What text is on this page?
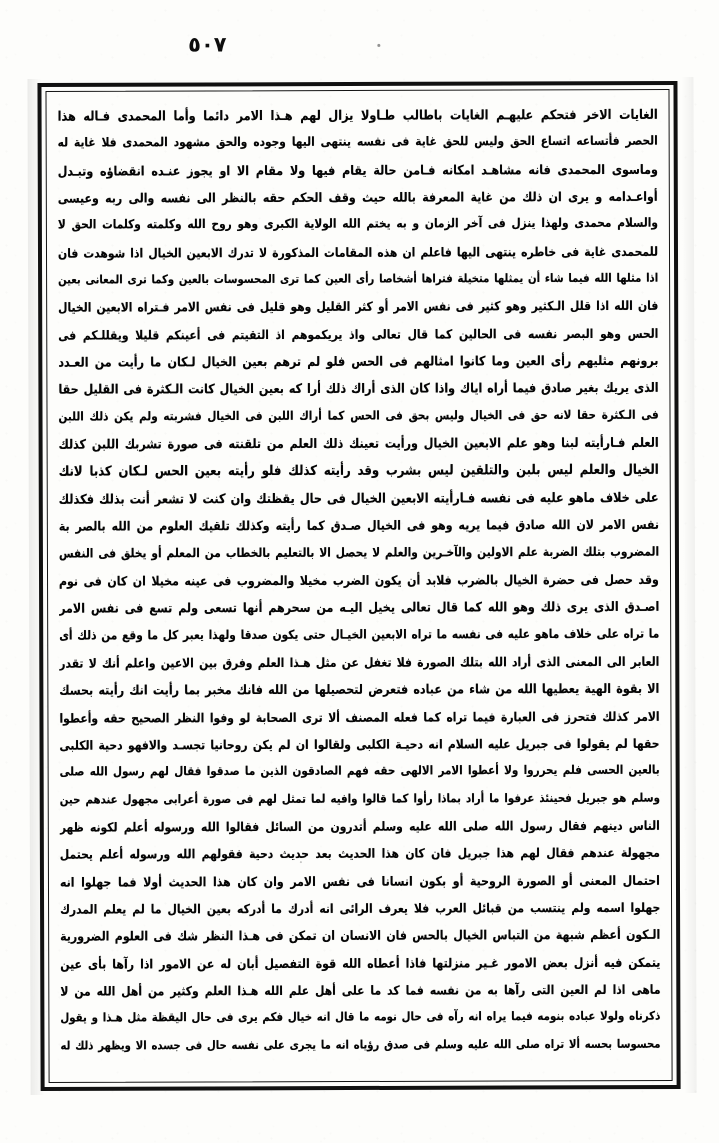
٥٠٧
الغايات الاخر فتحكم عليهـم الغايات باطالب طـاولا يزال لهم هـذا الامر دائما وأما المحمدى فـاله هذا
الحصر فأتساعه اتساع الحق وليس للحق غاية فى نفسه ينتهى اليها وجوده والحق مشهود المحمدى فلا غاية له
وماسوى المحمدى فانه مشاهـد امكانه فـامن حالة يقام فيها ولا مقام الا او يجوز عنـده انقضاؤه وتبـدل
أواعـدامه و يرى ان ذلك من غاية المعرفة بالله حيث وقف الحكم حقه بالنظر الى نفسه والى ربه وعيسى
والسلام محمدى ولهذا ينزل فى آخر الزمان و به يختم الله الولاية الكبرى وهو روح الله وكلمته وكلمات الحق لا
للمحمدى غاية فى خاطره ينتهى اليها فاعلم ان هذه المقامات المذكورة لا تدرك الابعين الخيال اذا شوهدت فان
اذا مثلها الله فيما شاء أن يمثلها متخيلة فتراها أشخاصا رأى العين كما ترى المحسوسات بالعين وكما ترى المعانى بعين
فان الله اذا قلل الـكثير وهو كثير فى نفس الامر أو كثر القليل وهو قليل فى نفس الامر فـتراه الابعين الخيال
الحس وهو البصر نفسه فى الحالين كما قال تعالى واذ يريكموهم اذ التقيتم فى أعينكم قليلا ويقللـكم فى
برونهم مثليهم رأى العين وما كانوا امثالهم فى الحس فلو لم ترهم بعين الخيال لـكان ما رأيت من العـدد
الذى يريك بغير صادق فيما أراه اياك واذا كان الذى أراك ذلك أرا كه بعين الخيال كانت الـكثرة فى القليل حقا
فى الـكثرة حقا لانه حق فى الخيال وليس بحق فى الحس كما أراك اللبن فى الخيال فشربته ولم يكن ذلك اللبن
العلم فـارأيته لبنا وهو علم الابعين الخيال ورأيت تعينك ذلك العلم من تلقنته فى صورة تشربك اللبن كذلك
الخيال والعلم ليس بلبن والتلقين ليس بشرب وقد رأيته كذلك فلو رأيته بعين الحس لـكان كذبا لانك
على خلاف ماهو عليه فى نفسه فـارأيته الابعين الخيال فى حال يقظتك وان كنت لا تشعر أنت بذلك فكذلك
نفس الامر لان الله صادق فيما يريه وهو فى الخيال صـدق كما رأيته وكذلك تلقيك العلوم من الله بالصر بة
المضروب بتلك الضربة علم الاولين والآخـرين والعلم لا يحصل الا بالتعليم بالخطاب من المعلم أو يخلق فى النفس
وقد حصل فى حضرة الخيال بالضرب فلابد أن يكون الضرب مخيلا والمضروب فى عينه مخيلا ان كان فى نوم
اصـدق الذى يرى ذلك وهو الله كما قال تعالى يخيل اليـه من سحرهم أنها تسعى ولم تسع فى نفس الامر
ما تراه على خلاف ماهو عليه فى نفسه ما تراه الابعين الخيـال حتى يكون صدقا ولهذا يعبر كل ما وقع من ذلك أى
العابر الى المعنى الذى أراد الله بتلك الصورة فلا تغفل عن مثل هـذا العلم وفرق بين الاعين واعلم أنك لا تقدر
الا بقوة الهية يعطيها الله من شاء من عباده فتعرض لتحصيلها من الله فانك مخبر بما رأيت انك رأيته بحسك
الامر كذلك فتحرز فى العبارة فيما تراه كما فعله المصنف ألا ترى الصحابة لو وفوا النظر الصحيح حقه وأعطوا
حقها لم يقولوا فى جبريل عليه السلام انه دحيـة الكلبى ولقالوا ان لم يكن روحانيا تجسـد والافهو دحية الكلبى
بالعين الحسى فلم يحرروا ولا أعطوا الامر الالهى حقه فهم الصادقون الذين ما صدقوا فقال لهم رسول الله صلى
وسلم هو جبريل فحينئذ عرفوا ما أراد بماذا رأوا كما قالوا وافيه لما تمثل لهم فى صورة أعرابى مجهول عندهم حين
الناس دينهم فقال رسول الله صلى الله عليه وسلم أتدرون من السائل فقالوا الله ورسوله أعلم لكونه ظهر
مجهولة عندهم فقال لهم هذا جبريل فان كان هذا الحديث بعد حديث دحية فقولهم الله ورسوله أعلم يحتمل
احتمال المعنى أو الصورة الروحية أو بكون انسانا فى نفس الامر وان كان هذا الحديث أولا فما جهلوا انه
جهلوا اسمه ولم ينتسب من قبائل العرب فلا يعرف الرائى انه أدرك ما أدركه بعين الخيال ما لم يعلم المدرك
الـكون أعظم شبهة من التباس الخيال بالحس فان الانسان ان تمكن فى هـذا النظر شك فى العلوم الضرورية
يتمكن فيه أنزل بعض الامور غـير منزلتها فاذا أعطاه الله قوة التفصيل أبان له عن الامور اذا رآها بأى عين
ماهى اذا لم العين التى رآها به من نفسه فما كد ما على أهل علم الله هـذا العلم وكثير من أهل الله من لا
ذكرناه ولولا عباده بنومه فيما يراه انه رآه فى حال نومه ما قال انه خيال فكم يرى فى حال اليقظة مثل هـذا و يقول
محسوسا بحسه ألا تراه صلى الله عليه وسلم فى صدق رؤياه انه ما يجرى على نفسه حال فى جسده الا ويظهر ذلك له
